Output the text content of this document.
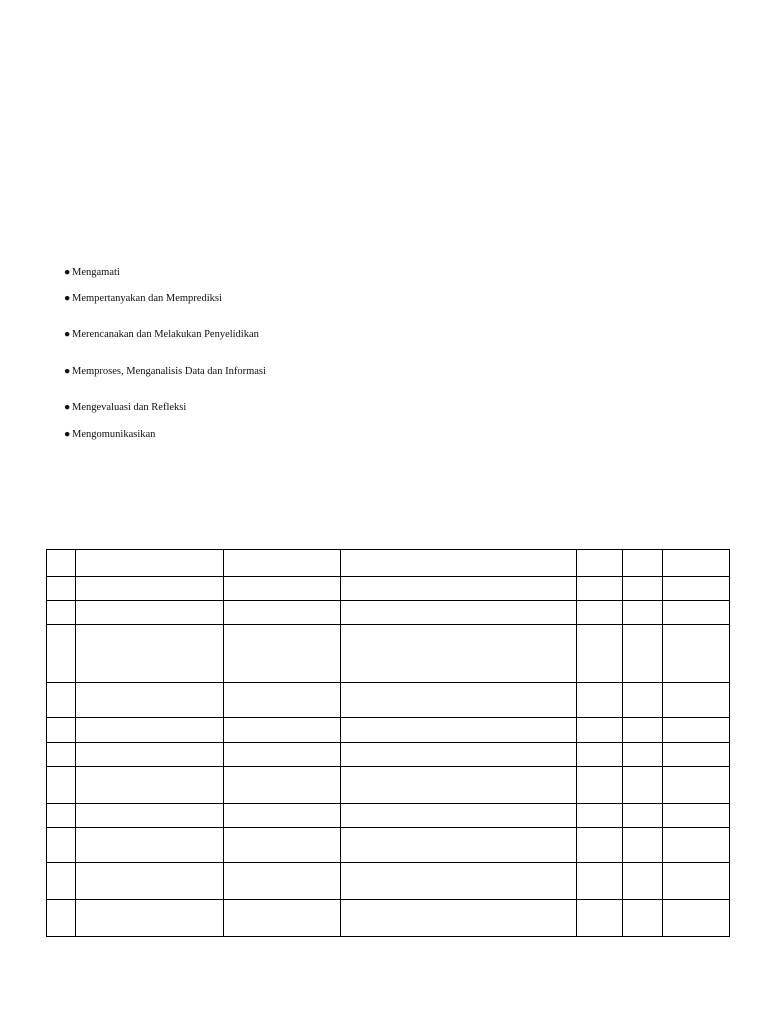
● Mengamati
● Mempertanyakan dan Memprediksi
● Merencanakan dan Melakukan Penyelidikan
● Memproses, Menganalisis Data dan Informasi
● Mengevaluasi dan Refleksi
● Mengomunikasikan
